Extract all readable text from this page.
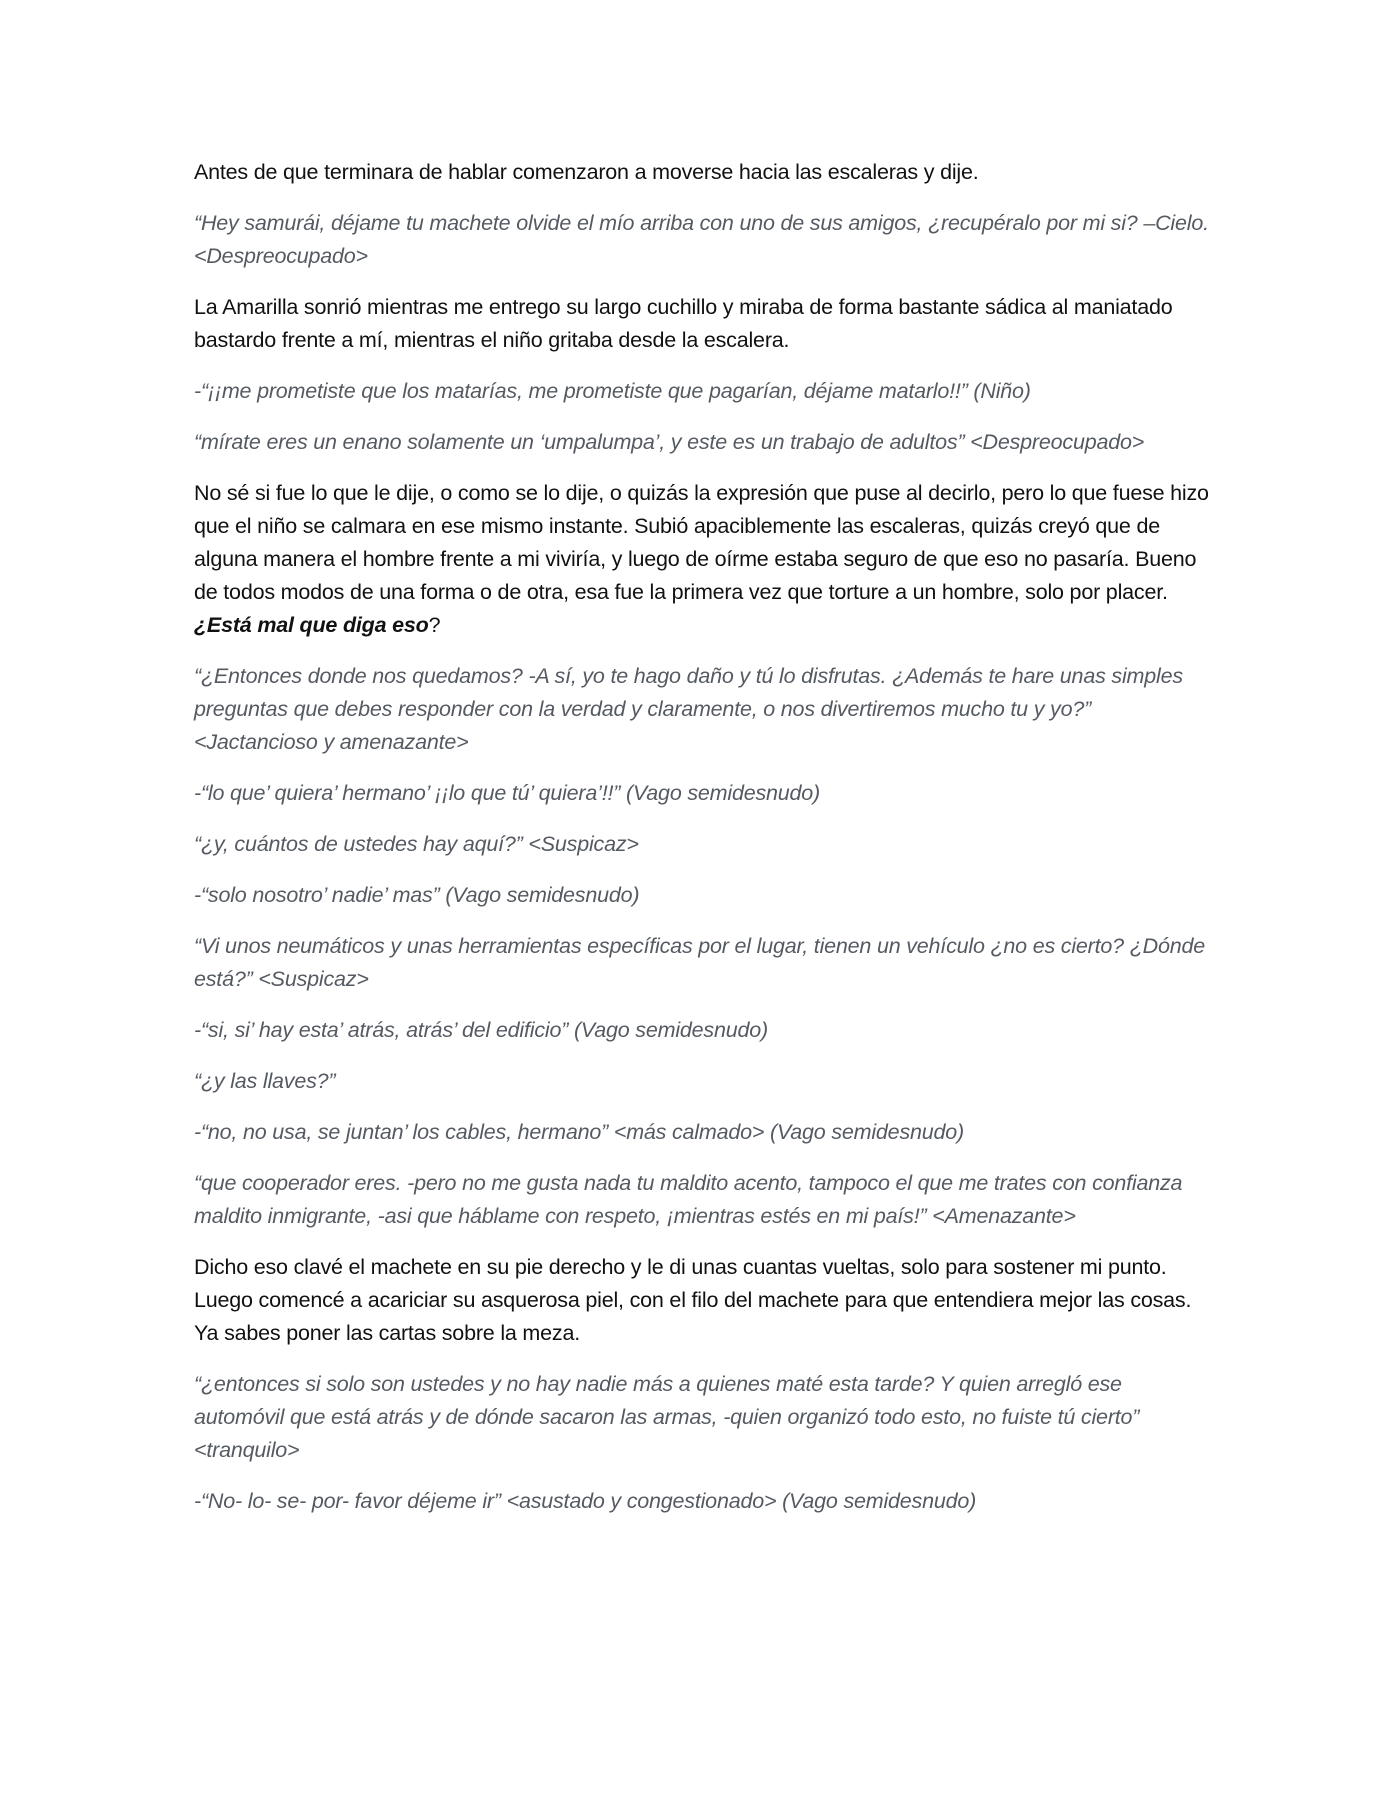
Antes de que terminara de hablar comenzaron a moverse hacia las escaleras y dije.

“Hey samurái, déjame tu machete olvide el mío arriba con uno de sus amigos, ¿recupéralo por mi si? –Cielo. <Despreocupado>

La Amarilla sonrió mientras me entrego su largo cuchillo y miraba de forma bastante sádica al maniatado bastardo frente a mí, mientras el niño gritaba desde la escalera.

-“¡¡me prometiste que los matarías, me prometiste que pagarían, déjame matarlo!!” (Niño)

“mírate eres un enano solamente un ‘umpalumpa’, y este es un trabajo de adultos” <Despreocupado>

No sé si fue lo que le dije, o como se lo dije, o quizás la expresión que puse al decirlo, pero lo que fuese hizo que el niño se calmara en ese mismo instante. Subió apaciblemente las escaleras, quizás creyó que de alguna manera el hombre frente a mi viviría, y luego de oírme estaba seguro de que eso no pasaría. Bueno de todos modos de una forma o de otra, esa fue la primera vez que torture a un hombre, solo por placer. ¿Está mal que diga eso?

“¿Entonces donde nos quedamos? -A sí, yo te hago daño y tú lo disfrutas. ¿Además te hare unas simples preguntas que debes responder con la verdad y claramente, o nos divertiremos mucho tu y yo?” <Jactancioso y amenazante>

-“lo que’ quiera’ hermano’ ¡¡lo que tú’ quiera’!!” (Vago semidesnudo)

“¿y, cuántos de ustedes hay aquí?” <Suspicaz>

-“solo nosotro’ nadie’ mas” (Vago semidesnudo)

“Vi unos neumáticos y unas herramientas específicas por el lugar, tienen un vehículo ¿no es cierto? ¿Dónde está?” <Suspicaz>

-“si, si’ hay esta’ atrás, atrás’ del edificio” (Vago semidesnudo)

“¿y las llaves?”

-“no, no usa, se juntan’ los cables, hermano” <más calmado> (Vago semidesnudo)

“que cooperador eres. -pero no me gusta nada tu maldito acento, tampoco el que me trates con confianza maldito inmigrante, -asi que háblame con respeto, ¡mientras estés en mi país!” <Amenazante>

Dicho eso clavé el machete en su pie derecho y le di unas cuantas vueltas, solo para sostener mi punto. Luego comencé a acariciar su asquerosa piel, con el filo del machete para que entendiera mejor las cosas. Ya sabes poner las cartas sobre la meza.

“¿entonces si solo son ustedes y no hay nadie más a quienes maté esta tarde? Y quien arregló ese automóvil que está atrás y de dónde sacaron las armas, -quien organizó todo esto, no fuiste tú cierto” <tranquilo>

-“No- lo- se- por- favor déjeme ir” <asustado y congestionado> (Vago semidesnudo)
